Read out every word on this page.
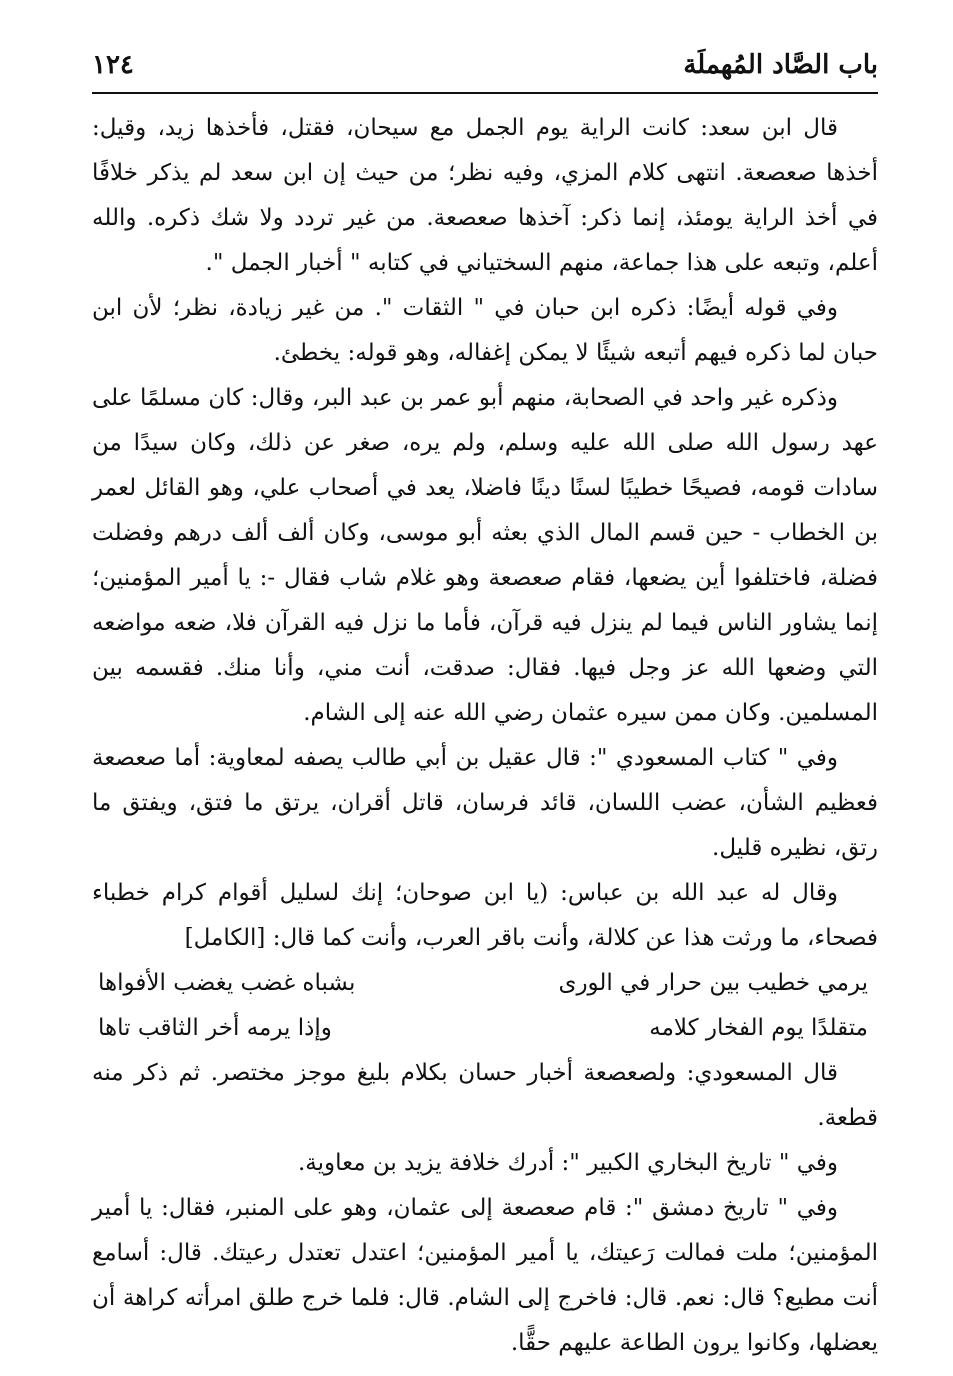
باب الصَّاد المُهملَة
١٢٤

قال ابن سعد: كانت الراية يوم الجمل مع سيحان، فقتل، فأخذها زيد، وقيل: أخذها صعصعة. انتهى كلام المزي، وفيه نظر؛ من حيث إن ابن سعد لم يذكر خلافًا في أخذ الراية يومئذ، إنما ذكر: آخذها صعصعة. من غير تردد ولا شك ذكره. والله أعلم، وتبعه على هذا جماعة، منهم السختياني في كتابه " أخبار الجمل ".

وفي قوله أيضًا: ذكره ابن حبان في " الثقات ". من غير زيادة، نظر؛ لأن ابن حبان لما ذكره فيهم أتبعه شيئًا لا يمكن إغفاله، وهو قوله: يخطئ.

وذكره غير واحد في الصحابة، منهم أبو عمر بن عبد البر، وقال: كان مسلمًا على عهد رسول الله صلى الله عليه وسلم، ولم يره، صغر عن ذلك، وكان سيدًا من سادات قومه، فصيحًا خطيبًا لسنًا دينًا فاضلا، يعد في أصحاب علي، وهو القائل لعمر بن الخطاب - حين قسم المال الذي بعثه أبو موسى، وكان ألف ألف درهم وفضلت فضلة، فاختلفوا أين يضعها، فقام صعصعة وهو غلام شاب فقال -: يا أمير المؤمنين؛ إنما يشاور الناس فيما لم ينزل فيه قرآن، فأما ما نزل فيه القرآن فلا، ضعه مواضعه التي وضعها الله عز وجل فيها. فقال: صدقت، أنت مني، وأنا منك. فقسمه بين المسلمين. وكان ممن سيره عثمان رضي الله عنه إلى الشام.

وفي " كتاب المسعودي ": قال عقيل بن أبي طالب يصفه لمعاوية: أما صعصعة فعظيم الشأن، عضب اللسان، قائد فرسان، قاتل أقران، يرتق ما فتق، ويفتق ما رتق، نظيره قليل.

وقال له عبد الله بن عباس: (يا ابن صوحان؛ إنك لسليل أقوام كرام خطباء فصحاء، ما ورثت هذا عن كلالة، وأنت باقر العرب، وأنت كما قال: [الكامل]

يرمي خطيب بين حرار في الورى
بشباه غضب يغضب الأفواها
متقلدًا يوم الفخار كلامه
وإذا يرمه أخر الثاقب تاها

قال المسعودي: ولصعصعة أخبار حسان بكلام بليغ موجز مختصر. ثم ذكر منه قطعة.

وفي " تاريخ البخاري الكبير ": أدرك خلافة يزيد بن معاوية.

وفي " تاريخ دمشق ": قام صعصعة إلى عثمان، وهو على المنبر، فقال: يا أمير المؤمنين؛ ملت فمالت رَعيتك، يا أمير المؤمنين؛ اعتدل تعتدل رعيتك. قال: أسامع أنت مطيع؟ قال: نعم. قال: فاخرج إلى الشام. قال: فلما خرج طلق امرأته كراهة أن يعضلها، وكانوا يرون الطاعة عليهم حقًّا.
